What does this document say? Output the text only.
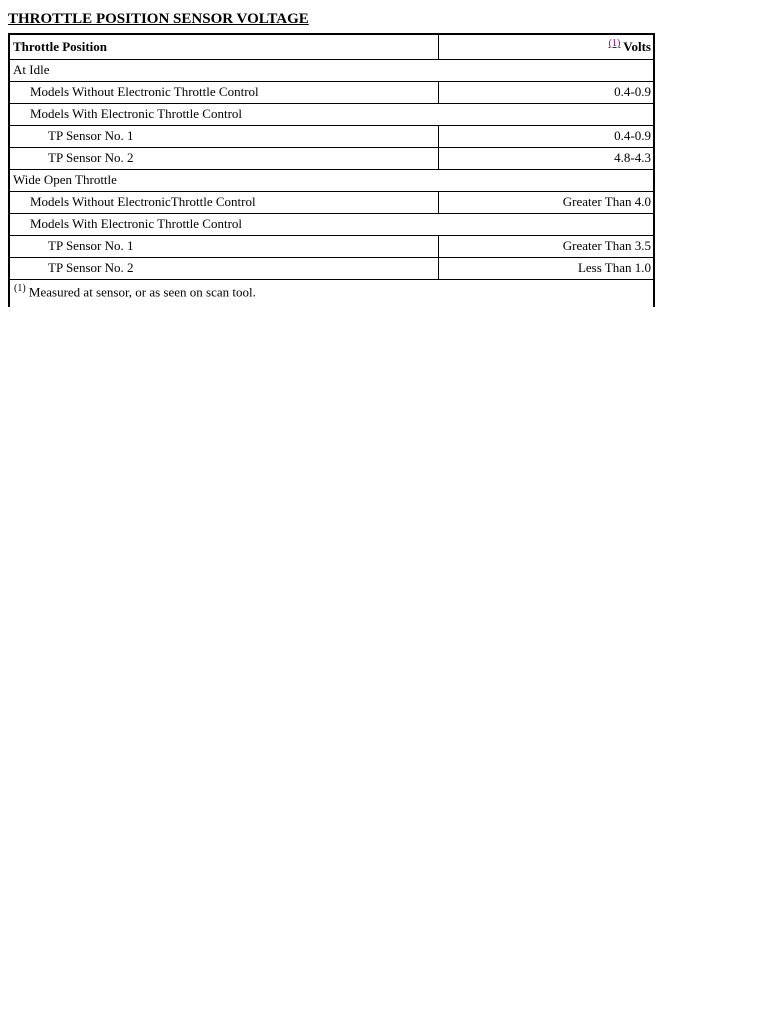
THROTTLE POSITION SENSOR VOLTAGE
Throttle Position	$^{(1)}$ Volts
At Idle	
Models Without Electronic Throttle Control	0.4-0.9
Models With Electronic Throttle Control	
TP Sensor No. 1	0.4-0.9
TP Sensor No. 2	4.8-4.3
Wide Open Throttle	
Models Without ElectronicThrottle Control	Greater Than 4.0
Models With Electronic Throttle Control	
TP Sensor No. 1	Greater Than 3.5
TP Sensor No. 2	Less Than 1.0
$^{(1)}$ Measured at sensor, or as seen on scan tool.	
